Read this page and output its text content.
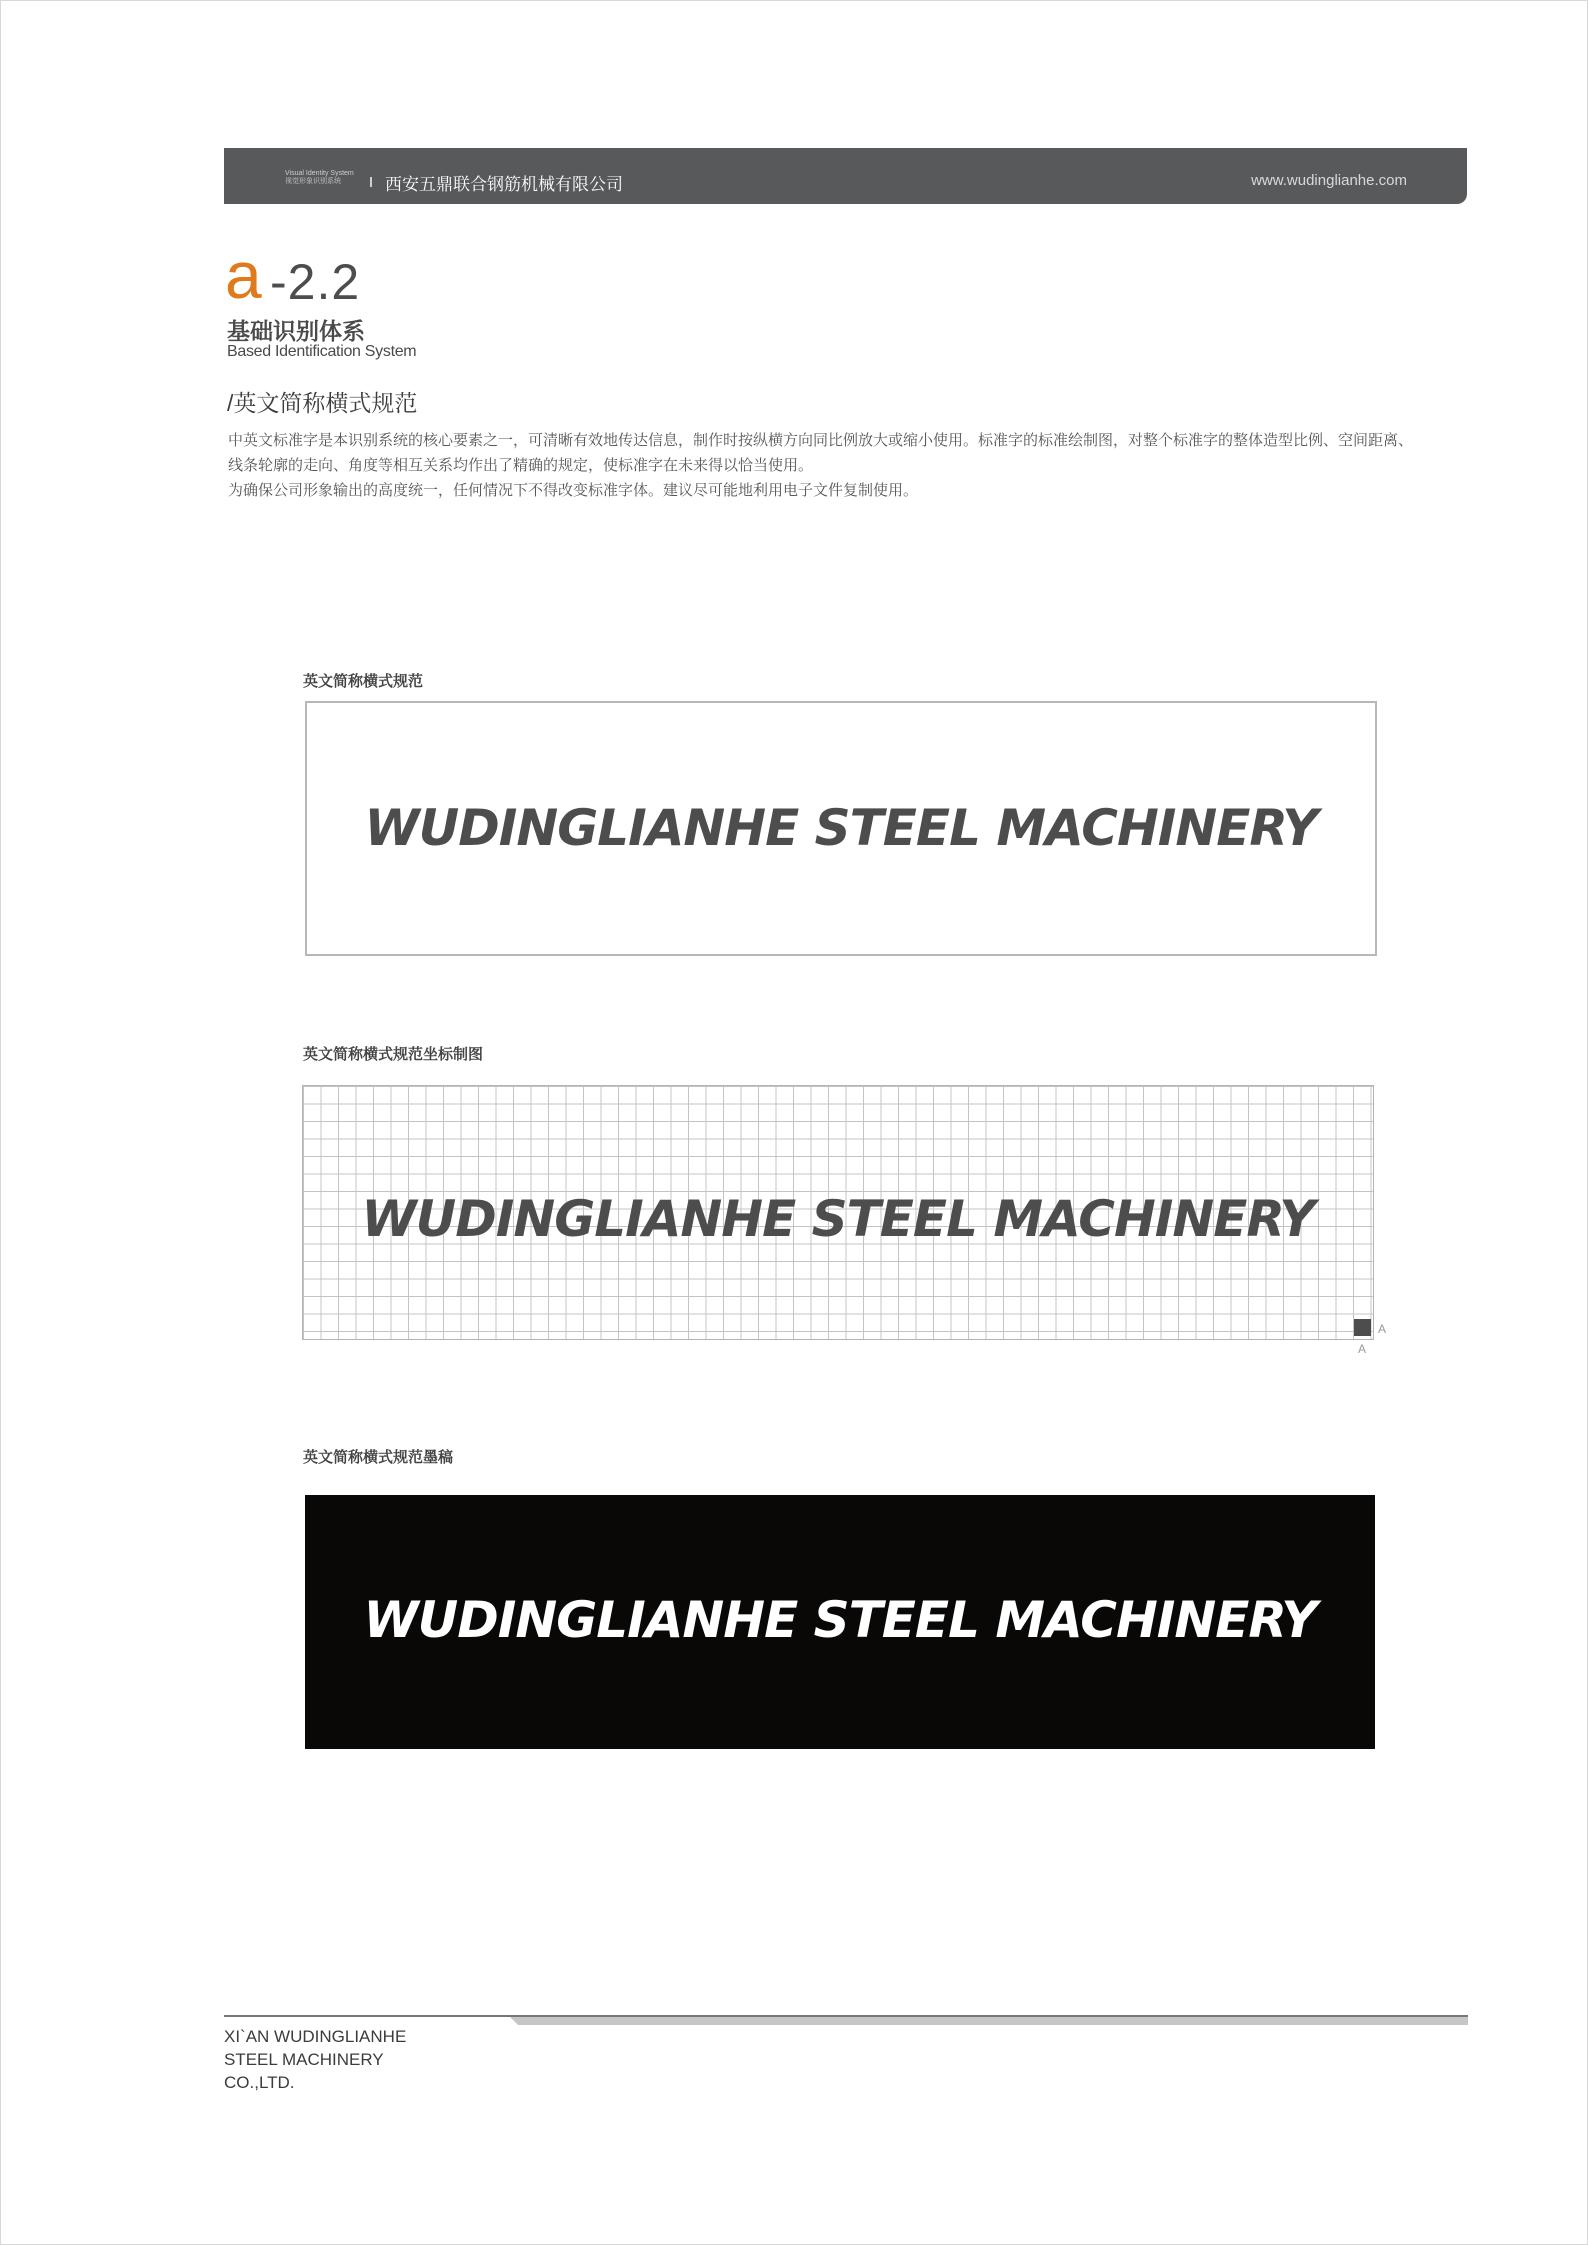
Visual Identity System
视觉形象识别系统	西安五鼎联合钢筋机械有限公司	www.wudinglianhe.com
a -2.2
基础识别体系
Based Identification System
/英文简称横式规范

中英文标准字是本识别系统的核心要素之一，可清晰有效地传达信息，制作时按纵横方向同比例放大或缩小使用。标准字的标准绘制图，对整个标准字的整体造型比例、空间距离、

线条轮廓的走向、角度等相互关系均作出了精确的规定，使标准字在未来得以恰当使用。

为确保公司形象输出的高度统一，任何情况下不得改变标准字体。建议尽可能地利用电子文件复制使用。

英文简称横式规范
WUDINGLIANHE STEEL MACHINERY
英文简称横式规范坐标制图
WUDINGLIANHE STEEL MACHINERY
A
A
英文简称横式规范墨稿
WUDINGLIANHE STEEL MACHINERY
XI`AN WUDINGLIANHE
STEEL MACHINERY
CO.,LTD.
